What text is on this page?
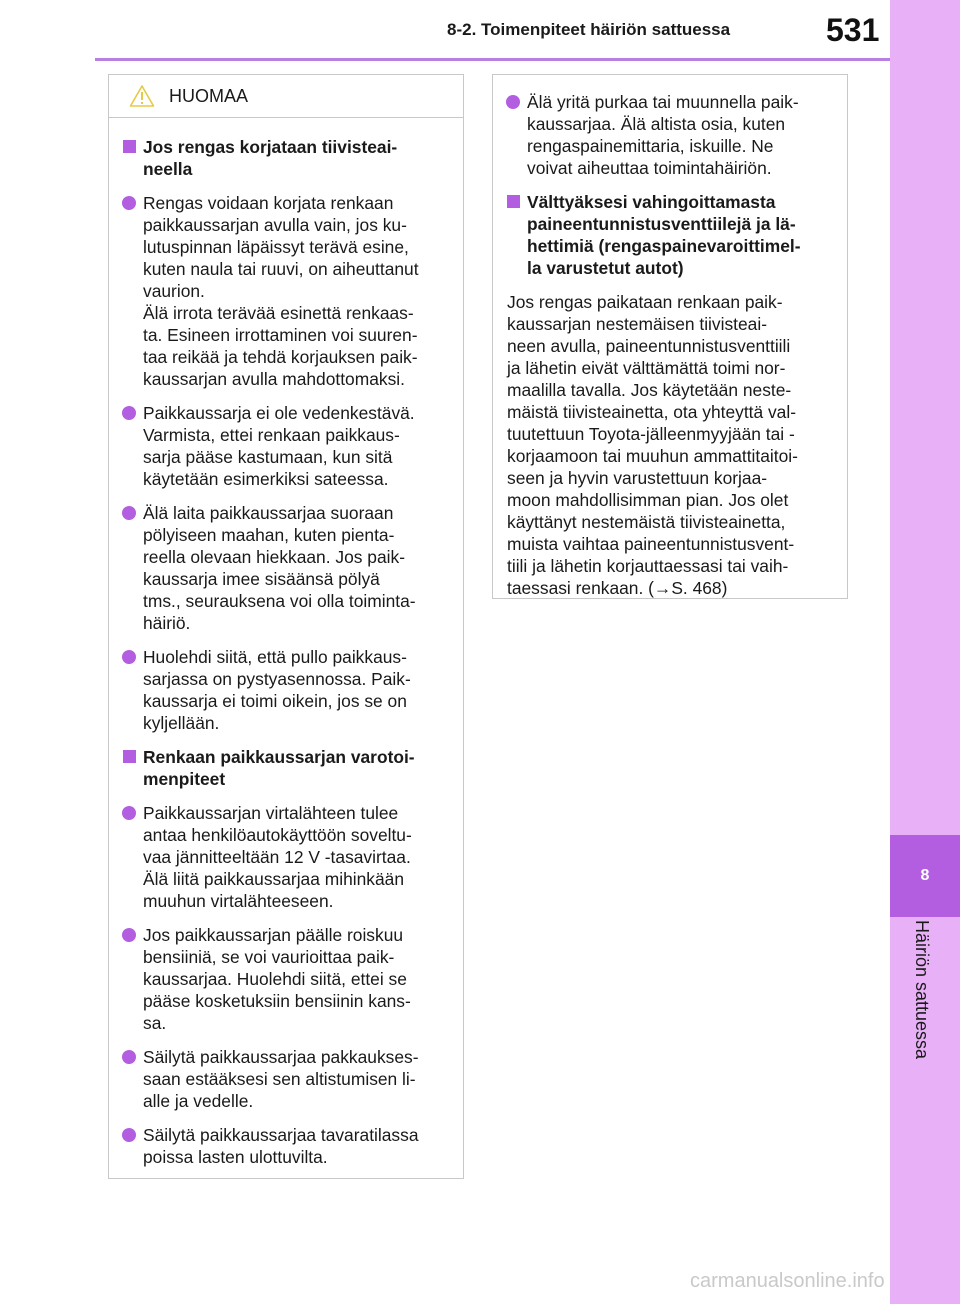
8
Häiriön sattuessa
8-2. Toimenpiteet häiriön sattuessa	531
HUOMAA
Jos rengas korjataan tiivisteai-
neella
Rengas voidaan korjata renkaan
paikkaussarjan avulla vain, jos ku-
lutuspinnan läpäissyt terävä esine,
kuten naula tai ruuvi, on aiheuttanut
vaurion.
Älä irrota terävää esinettä renkaas-
ta. Esineen irrottaminen voi suuren-
taa reikää ja tehdä korjauksen paik-
kaussarjan avulla mahdottomaksi.
Paikkaussarja ei ole vedenkestävä.
Varmista, ettei renkaan paikkaus-
sarja pääse kastumaan, kun sitä
käytetään esimerkiksi sateessa.
Älä laita paikkaussarjaa suoraan
pölyiseen maahan, kuten pienta-
reella olevaan hiekkaan. Jos paik-
kaussarja imee sisäänsä pölyä
tms., seurauksena voi olla toiminta-
häiriö.
Huolehdi siitä, että pullo paikkaus-
sarjassa on pystyasennossa. Paik-
kaussarja ei toimi oikein, jos se on
kyljellään.
Renkaan paikkaussarjan varotoi-
menpiteet
Paikkaussarjan virtalähteen tulee
antaa henkilöautokäyttöön soveltu-
vaa jännitteeltään 12 V -tasavirtaa.
Älä liitä paikkaussarjaa mihinkään
muuhun virtalähteeseen.
Jos paikkaussarjan päälle roiskuu
bensiiniä, se voi vaurioittaa paik-
kaussarjaa. Huolehdi siitä, ettei se
pääse kosketuksiin bensiinin kans-
sa.
Säilytä paikkaussarjaa pakkaukses-
saan estääksesi sen altistumisen li-
alle ja vedelle.
Säilytä paikkaussarjaa tavaratilassa
poissa lasten ulottuvilta.
Älä yritä purkaa tai muunnella paik-
kaussarjaa. Älä altista osia, kuten
rengaspainemittaria, iskuille. Ne
voivat aiheuttaa toimintahäiriön.
Välttyäksesi vahingoittamasta
paineentunnistusventtiilejä ja lä-
hettimiä (rengaspainevaroittimel-
la varustetut autot)
Jos rengas paikataan renkaan paik-
kaussarjan nestemäisen tiivisteai-
neen avulla, paineentunnistusventtiili
ja lähetin eivät välttämättä toimi nor-
maalilla tavalla. Jos käytetään neste-
mäistä tiivisteainetta, ota yhteyttä val-
tuutettuun Toyota-jälleenmyyjään tai -
korjaamoon tai muuhun ammattitaitoi-
seen ja hyvin varustettuun korjaa-
moon mahdollisimman pian. Jos olet
käyttänyt nestemäistä tiivisteainetta,
muista vaihtaa paineentunnistusvent-
tiili ja lähetin korjauttaessasi tai vaih-
taessasi renkaan. (→S. 468)
carmanualsonline.info
